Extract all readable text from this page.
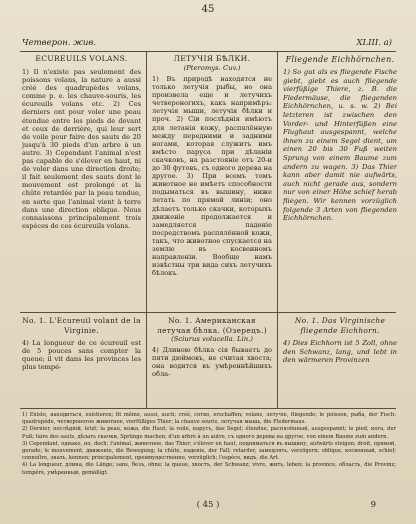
45
Четверон. жив.	XLIII. a)
ECUREUILS VOLANS.

1) Il n'existe pas seulement des poissons volans, la nature a aussi créé des quadrupèdes volans, comme p. e. les chauve-souris, les écureuils volans etc. 2) Ces derniers ont pour voler une peau étendue entre les pieds de devant et ceux de derrière, qui leur sert de voile pour faire des sauts de 20 jusqu'à 30 pieds d'un arbre à un autre. 3) Cependant l'animal n'est pas capable de s'élever en haut, ni de voler dans une direction droite; il fait seulement des sauts dont le mouvement est prolongé et la chûte retardée par la peau tendue, en sorte que l'animal vient à terre dans une direction oblique. Nous connaissons principalement trois espèces de ces écureuils volans.

ЛЕТУЧІЯ БѢЛКИ.
(Pteromys. Cuv.)

1) Въ природѣ находятся не только летучія рыбы, но она произвела еще и летучихъ четвероногихъ, какъ напримѣръ: летучія мыши, летучія бѣлки и проч. 2) Сіи послѣднія имѣютъ для летанія кожу, распялённую между передними и задними ногами, которая служитъ имъ вмѣсто паруса при дѣланіи скачковъ, на разстояніе отъ 20-и до 30 футовъ, съ одного дерева на другое. 3) При всемъ томъ животное не имѣетъ способности подыматься въ вышину, ниже летать по прямой линіи; оно дѣлаетъ только скачки, которыхъ движеніе продолжается и замедляется паденіе посредствомъ распялённой кожи, такъ, что животное спускается на землю въ косвенномъ направленіи. Вообще намъ извѣстны три вида сихъ летучихъ бѣлокъ.

Fliegende Eichhörnchen.

1) So gut als es fliegende Fische giebt, giebt es auch fliegende vierfüßige Thiere, z. B. die Fledermäuse, die fliegenden Eichhörnchen, u. s. w. 2) Bei letzteren ist zwischen den Vorder- und Hinterfüßen eine Flughaut ausgespannt, welche ihnen zu einem Segel dient, um einen 20 bis 30 Fuß weiten Sprung von einem Baume zum andern zu wagen. 3) Das Thier kann aber damit nie aufwärts, auch nicht gerade aus, sondern nur von einer Höhe schief herab fliegen. Wir kennen vorzüglich folgende 3 Arten von fliegenden Eichhörnchen.

No. 1. L'Ecureuil volant de la Virginie.

4) La longueur de ce écureuil est de 5 pouces sans compter la queue; il vit dans les provinces les plus tempé-

No. 1. Американская летучая бѣлка. (Озерецъ.)
(Sciurus volucella. Lin.)

4) Длиною бѣлка сія бываетъ до пяти дюймовъ, не считая хвоста; она водится въ умѣреннѣйшихъ обла-

No. 1. Das Virginische fliegende Eichhorn.

4) Dies Eichhorn ist 5 Zoll, ohne den Schwanz, lang, und lebt in den wärmeren Provinzen

1) Existe, находиться, existieren; ﬁt même, aussi, auch; créé, сотво, erschaffen; volans, летучіе, fliegende; le poisson, рыба, der Fisch; quadrupède, четвероногое животное, vierfüßiges Thier; la chauve souris, летучая мышь, die Fledermaus.

2) Dernier, послѣдній, letzt; la peau, кожа, die Haut; la voile, парусъ, das Segel; étendue, распялённый, ausgespannt; le pied, нога, der Fuß; faire des sauts, дѣлать скачки, Sprünge machen; d'un arbre à un autre, съ одного дерева на другое, von einem Baume zum andern.

3) Cependant, однако, но, doch; l'animal, животное, das Thier; s'élever en haut, подниматься въ вышину, aufwärts steigen; droit, прямой, gerade; le mouvement, движеніе, die Bewegung; la chûte, паденіе, der Fall; retarder, замедлять, verzögern; oblique, косвенный, schief; connoître, знать, kennen; principalement, преимущественно, vorzüglich; l'espèce, видъ, die Art.

4) La longueur, длина, die Länge; sans, безъ, ohne; la queue, хвостъ, der Schwanz; vivre, жить, leben; la province, область, die Provinz; tempéré, умѣренный, gemäßigt.

( 45 )	9
